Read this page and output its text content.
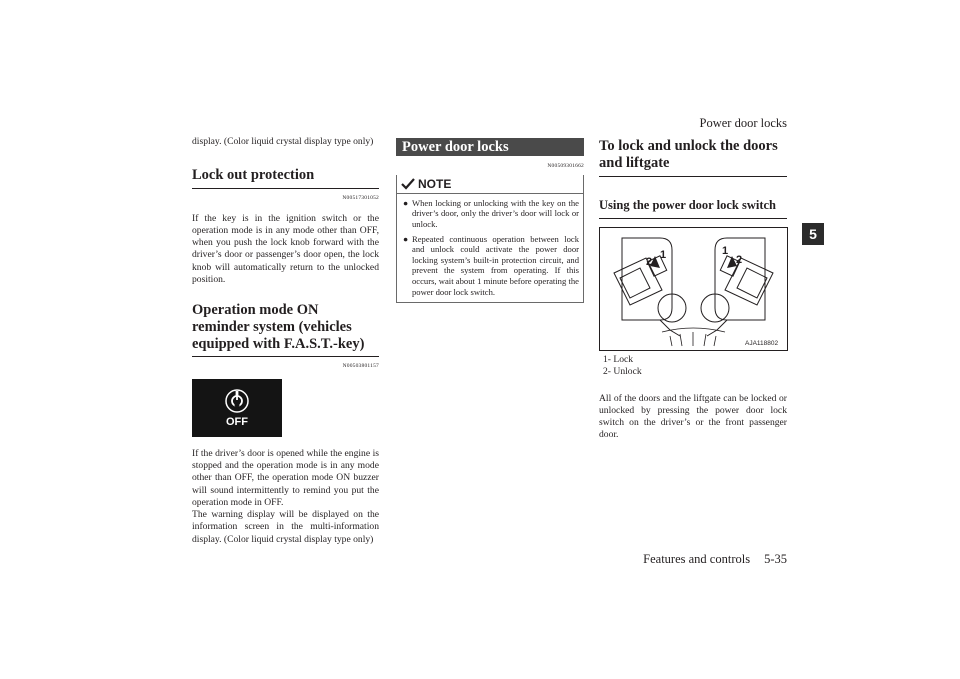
Power door locks
5

display. (Color liquid crystal display type only)

Lock out protection
N00517301052

If the key is in the ignition switch or the operation mode is in any mode other than OFF, when you push the lock knob forward with the driver’s door or passenger’s door open, the lock knob will automatically return to the unlocked position.

Operation mode ON reminder system (vehicles equipped with F.A.S.T.-key)
N00503801157
OFF

If the driver’s door is opened while the engine is stopped and the operation mode is in any mode other than OFF, the operation mode ON buzzer will sound intermittently to remind you put the operation mode in OFF.

The warning display will be displayed on the information screen in the multi-information display. (Color liquid crystal display type only)

Power door locks
N00509301662
NOTE
● When locking or unlocking with the key on the driver’s door, only the driver’s door will lock or unlock.
● Repeated continuous operation between lock and unlock could activate the power door locking system’s built-in protection circuit, and prevent the system from operating. If this occurs, wait about 1 minute before operating the power door lock switch.
To lock and unlock the doors and liftgate
Using the power door lock switch
2
1	1
2
AJA118802
1- Lock
2- Unlock

All of the doors and the liftgate can be locked or unlocked by pressing the power door lock switch on the driver’s or the front passenger door.

Features and controls 5-35
